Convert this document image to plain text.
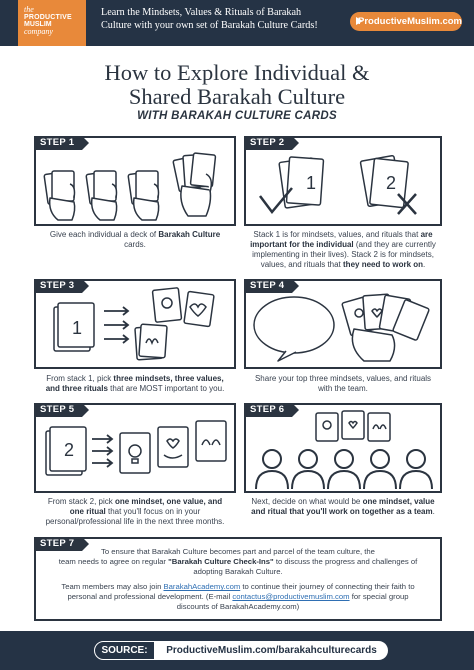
the
PRODUCTIVE
MUSLIM
company
Learn the Mindsets, Values & Rituals of Barakah
Culture with your own set of Barakah Culture Cards!	ProductiveMuslim.com
How to Explore Individual &
Shared Barakah Culture
WITH BARAKAH CULTURE CARDS
STEP 1
Give each individual a deck of Barakah Culture
cards.
STEP 2
1	2
Stack 1 is for mindsets, values, and rituals that are
important for the individual (and they are currently
implementing in their lives). Stack 2 is for mindsets,
values, and rituals that they need to work on.
STEP 3
1
From stack 1, pick three mindsets, three values,
and three rituals that are MOST important to you.
STEP 4
Share your top three mindsets, values, and rituals
with the team.
STEP 5
2
From stack 2, pick one mindset, one value, and
one ritual that you'll focus on in your
personal/professional life in the next three months.
STEP 6
Next, decide on what would be one mindset, value
and ritual that you'll work on together as a team.
STEP 7
To ensure that Barakah Culture becomes part and parcel of the team culture, the
team needs to agree on regular "Barakah Culture Check-Ins" to discuss the progress and challenges of
adopting Barakah Culture.
Team members may also join BarakahAcademy.com to continue their journey of connecting their faith to
personal and professional development. (E-mail contactus@productivemuslim.com for special group
discounts of BarakahAcademy.com)
SOURCE:	ProductiveMuslim.com/barakahculturecards
